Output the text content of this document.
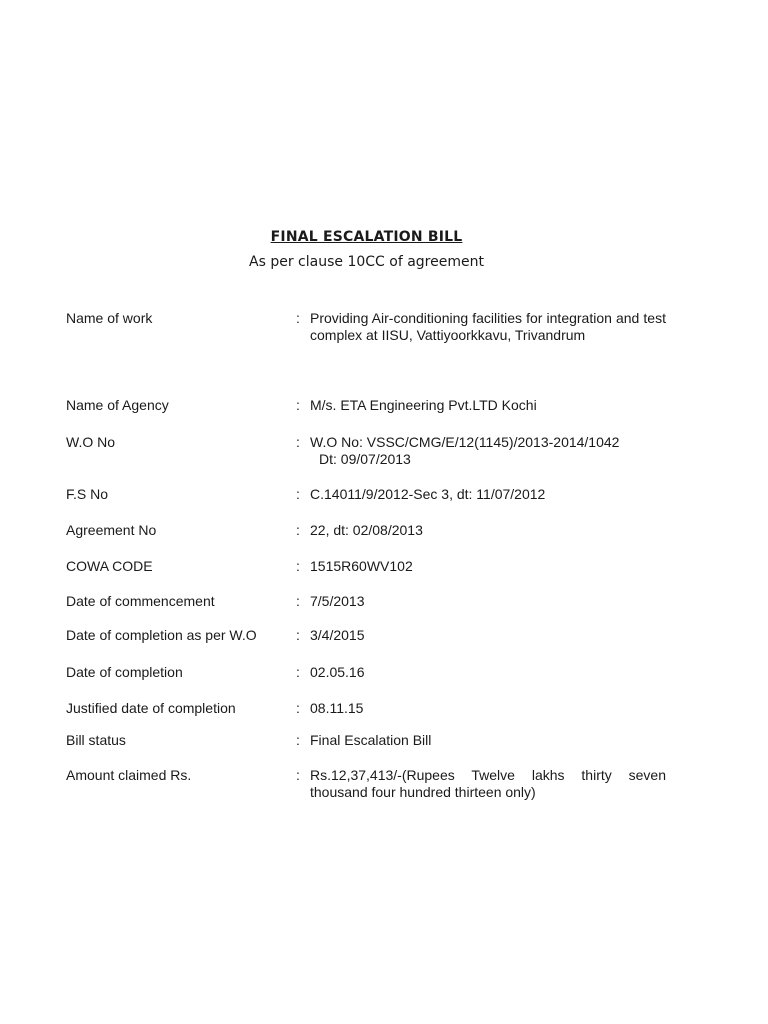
FINAL ESCALATION BILL
As per clause 10CC of agreement
Name of work	: Providing Air-conditioning facilities for integration and test complex at IISU, Vattiyoorkkavu, Trivandrum
Name of Agency	: M/s. ETA Engineering Pvt.LTD Kochi
W.O No	: W.O No: VSSC/CMG/E/12(1145)/2013-2014/1042
Dt: 09/07/2013
F.S No	: C.14011/9/2012-Sec 3, dt: 11/07/2012
Agreement No	: 22, dt: 02/08/2013
COWA CODE	: 1515R60WV102
Date of commencement	: 7/5/2013
Date of completion as per W.O	: 3/4/2015
Date of completion	: 02.05.16
Justified date of completion	: 08.11.15
Bill status	: Final Escalation Bill
Amount claimed Rs.	: Rs.12,37,413/-(Rupees Twelve lakhs thirty seven thousand four hundred thirteen only)
